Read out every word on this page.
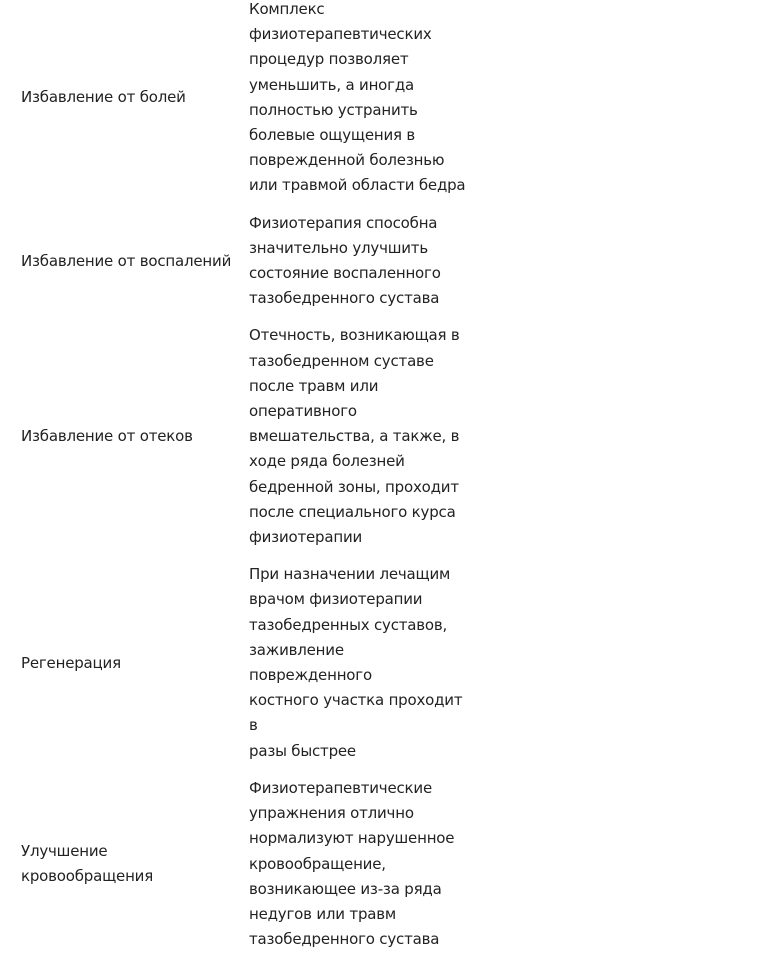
Избавление от болей
Комплекс
физиотерапевтических
процедур позволяет
уменьшить, а иногда
полностью устранить
болевые ощущения в
поврежденной болезнью
или травмой области бедра
Избавление от воспалений
Физиотерапия способна
значительно улучшить
состояние воспаленного
тазобедренного сустава
Избавление от отеков
Отечность, возникающая в
тазобедренном суставе
после травм или
оперативного
вмешательства, а также, в
ходе ряда болезней
бедренной зоны, проходит
после специального курса
физиотерапии
Регенерация
При назначении лечащим
врачом физиотерапии
тазобедренных суставов,
заживление поврежденного
костного участка проходит в
разы быстрее
Улучшение
кровообращения
Физиотерапевтические
упражнения отлично
нормализуют нарушенное
кровообращение,
возникающее из-за ряда
недугов или травм
тазобедренного сустава
